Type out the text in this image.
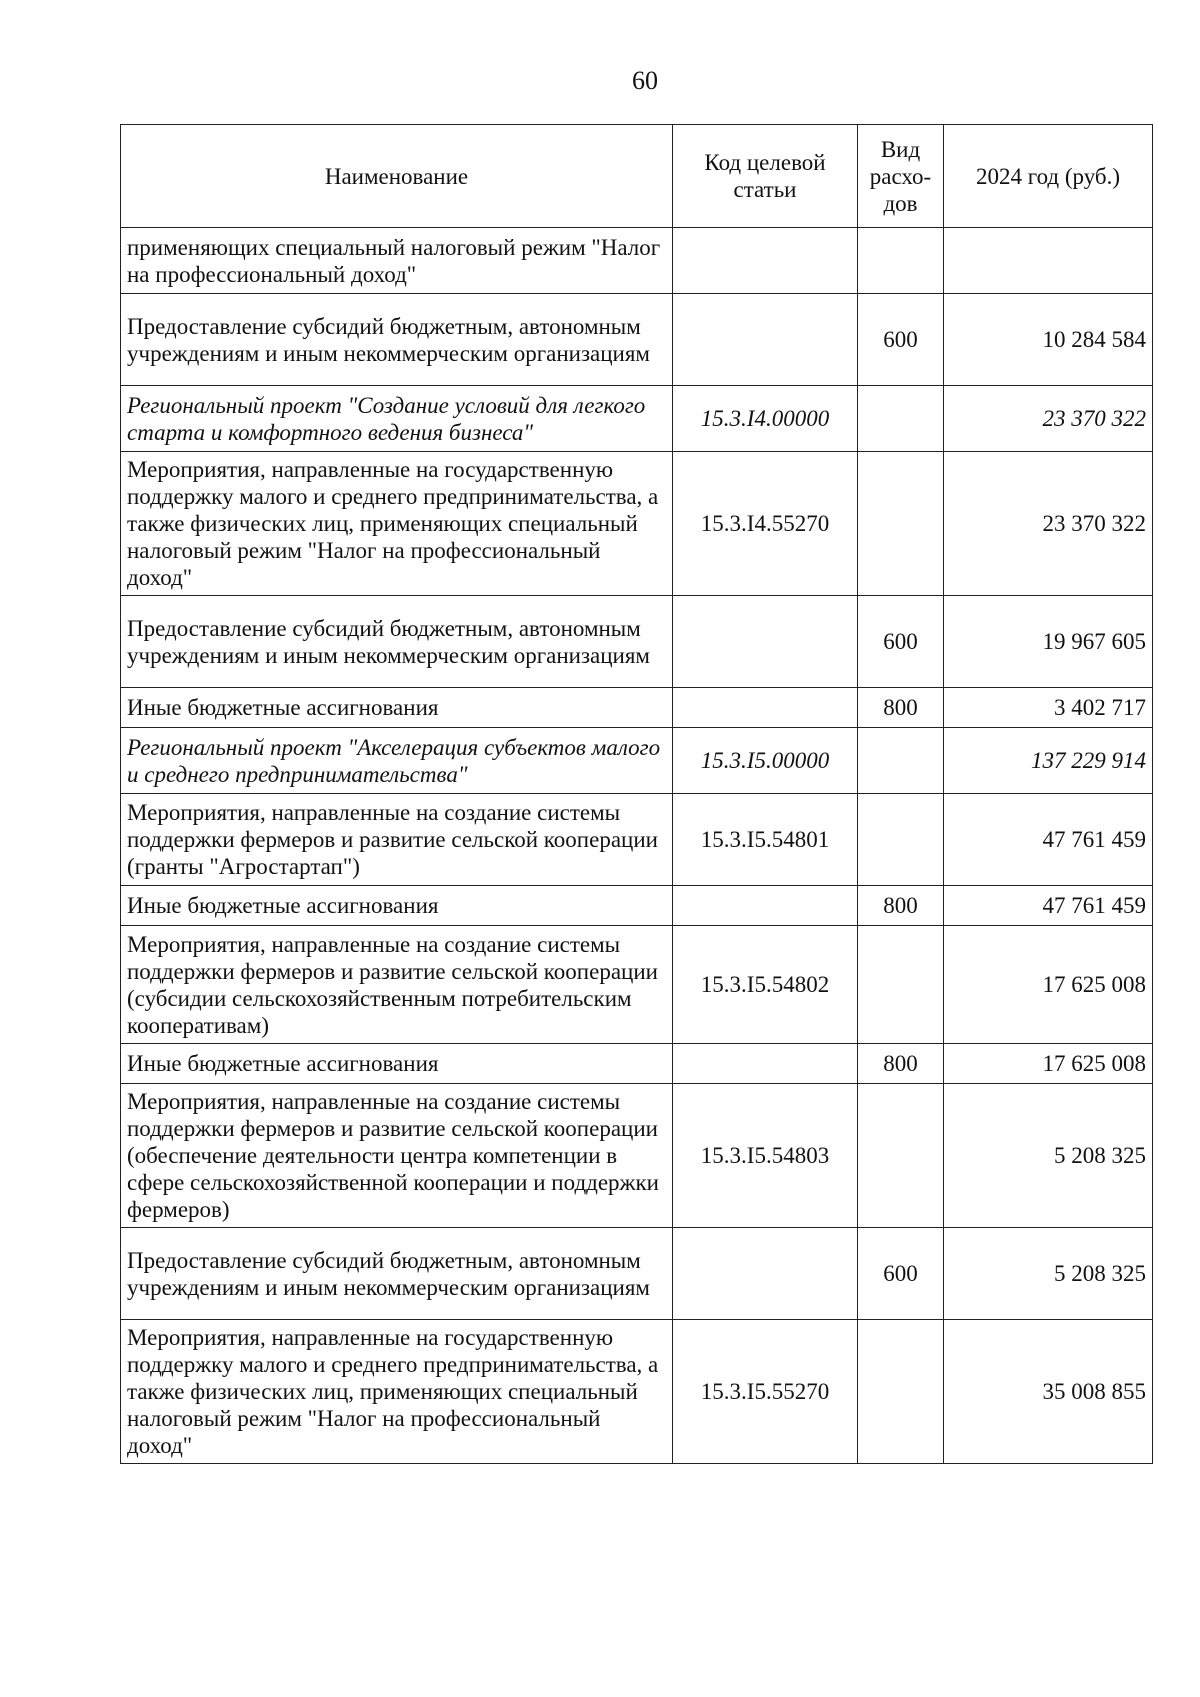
60
Наименование	Код целевой статьи	Вид расхо-дов	2024 год (руб.)
применяющих специальный налоговый режим "Налог на профессиональный доход"			
Предоставление субсидий бюджетным, автономным учреждениям и иным некоммерческим организациям		600	10 284 584
Региональный проект "Создание условий для легкого старта и комфортного ведения бизнеса"	15.3.I4.00000		23 370 322
Мероприятия, направленные на государственную поддержку малого и среднего предпринимательства, а также физических лиц, применяющих специальный налоговый режим "Налог на профессиональный доход"	15.3.I4.55270		23 370 322
Предоставление субсидий бюджетным, автономным учреждениям и иным некоммерческим организациям		600	19 967 605
Иные бюджетные ассигнования		800	3 402 717
Региональный проект "Акселерация субъектов малого и среднего предпринимательства"	15.3.I5.00000		137 229 914
Мероприятия, направленные на создание системы поддержки фермеров и развитие сельской кооперации (гранты "Агростартап")	15.3.I5.54801		47 761 459
Иные бюджетные ассигнования		800	47 761 459
Мероприятия, направленные на создание системы поддержки фермеров и развитие сельской кооперации (субсидии сельскохозяйственным потребительским кооперативам)	15.3.I5.54802		17 625 008
Иные бюджетные ассигнования		800	17 625 008
Мероприятия, направленные на создание системы поддержки фермеров и развитие сельской кооперации (обеспечение деятельности центра компетенции в сфере сельскохозяйственной кооперации и поддержки фермеров)	15.3.I5.54803		5 208 325
Предоставление субсидий бюджетным, автономным учреждениям и иным некоммерческим организациям		600	5 208 325
Мероприятия, направленные на государственную поддержку малого и среднего предпринимательства, а также физических лиц, применяющих специальный налоговый режим "Налог на профессиональный доход"	15.3.I5.55270		35 008 855
